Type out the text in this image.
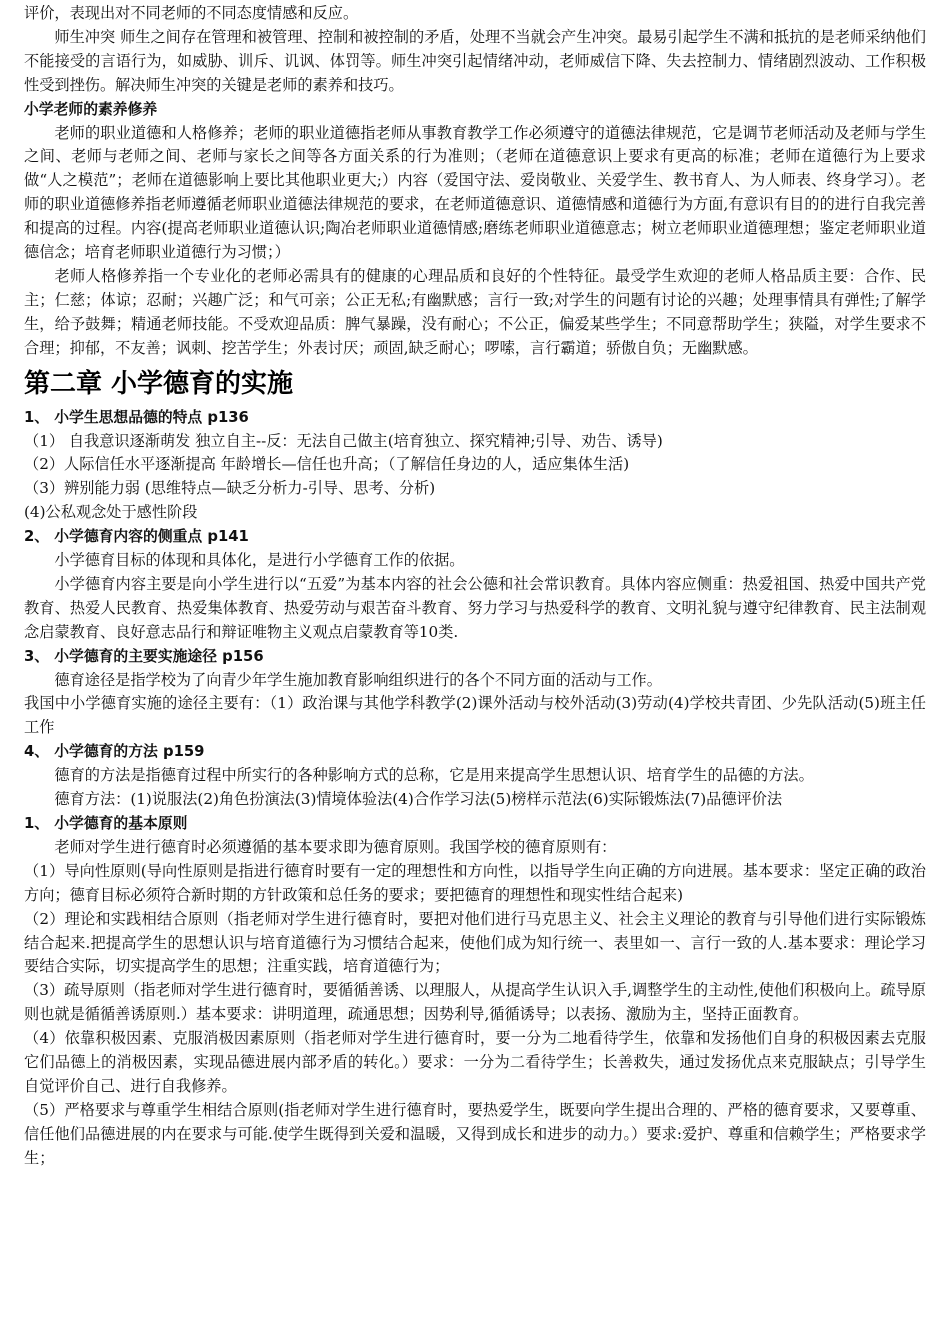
评价，表现出对不同老师的不同态度情感和反应。

师生冲突 师生之间存在管理和被管理、控制和被控制的矛盾，处理不当就会产生冲突。最易引起学生不满和抵抗的是老师采纳他们不能接受的言语行为，如威胁、训斥、讥讽、体罚等。师生冲突引起情绪冲动，老师威信下降、失去控制力、情绪剧烈波动、工作积极性受到挫伤。解决师生冲突的关键是老师的素养和技巧。

小学老师的素养修养

老师的职业道德和人格修养；老师的职业道德指老师从事教育教学工作必须遵守的道德法律规范，它是调节老师活动及老师与学生之间、老师与老师之间、老师与家长之间等各方面关系的行为准则；（老师在道德意识上要求有更高的标准；老师在道德行为上要求做“人之模范”；老师在道德影响上要比其他职业更大;）内容（爱国守法、爱岗敬业、关爱学生、教书育人、为人师表、终身学习）。老师的职业道德修养指老师遵循老师职业道德法律规范的要求，在老师道德意识、道德情感和道德行为方面,有意识有目的的进行自我完善和提高的过程。内容(提高老师职业道德认识;陶冶老师职业道德情感;磨练老师职业道德意志；树立老师职业道德理想；鉴定老师职业道德信念；培育老师职业道德行为习惯；）

老师人格修养指一个专业化的老师必需具有的健康的心理品质和良好的个性特征。最受学生欢迎的老师人格品质主要：合作、民主；仁慈；体谅；忍耐；兴趣广泛；和气可亲；公正无私;有幽默感；言行一致;对学生的问题有讨论的兴趣；处理事情具有弹性;了解学生，给予鼓舞；精通老师技能。不受欢迎品质：脾气暴躁，没有耐心；不公正，偏爱某些学生；不同意帮助学生；狭隘，对学生要求不合理；抑郁，不友善；讽刺、挖苦学生；外表讨厌；顽固,缺乏耐心；啰嗦，言行霸道；骄傲自负；无幽默感。

第二章 小学德育的实施

1、 小学生思想品德的特点 p136

（1） 自我意识逐渐萌发 独立自主--反：无法自己做主(培育独立、探究精神;引导、劝告、诱导)

（2）人际信任水平逐渐提高 年龄增长—信任也升高；（了解信任身边的人，适应集体生活)

（3）辨别能力弱 (思维特点—缺乏分析力-引导、思考、分析)

(4)公私观念处于感性阶段

2、 小学德育内容的侧重点 p141

小学德育目标的体现和具体化，是进行小学德育工作的依据。

小学德育内容主要是向小学生进行以“五爱”为基本内容的社会公德和社会常识教育。具体内容应侧重：热爱祖国、热爱中国共产党教育、热爱人民教育、热爱集体教育、热爱劳动与艰苦奋斗教育、努力学习与热爱科学的教育、文明礼貌与遵守纪律教育、民主法制观念启蒙教育、良好意志品行和辩证唯物主义观点启蒙教育等10类.

3、 小学德育的主要实施途径 p156

德育途径是指学校为了向青少年学生施加教育影响组织进行的各个不同方面的活动与工作。

我国中小学德育实施的途径主要有：（1）政治课与其他学科教学(2)课外活动与校外活动(3)劳动(4)学校共青团、少先队活动(5)班主任工作

4、 小学德育的方法 p159

德育的方法是指德育过程中所实行的各种影响方式的总称，它是用来提高学生思想认识、培育学生的品德的方法。

德育方法：(1)说服法(2)角色扮演法(3)情境体验法(4)合作学习法(5)榜样示范法(6)实际锻炼法(7)品德评价法

1、 小学德育的基本原则

老师对学生进行德育时必须遵循的基本要求即为德育原则。我国学校的德育原则有：

（1）导向性原则(导向性原则是指进行德育时要有一定的理想性和方向性，以指导学生向正确的方向进展。基本要求：坚定正确的政治方向；德育目标必须符合新时期的方针政策和总任务的要求；要把德育的理想性和现实性结合起来)

（2）理论和实践相结合原则（指老师对学生进行德育时，要把对他们进行马克思主义、社会主义理论的教育与引导他们进行实际锻炼结合起来.把提高学生的思想认识与培育道德行为习惯结合起来，使他们成为知行统一、表里如一、言行一致的人.基本要求：理论学习要结合实际，切实提高学生的思想；注重实践，培育道德行为；

（3）疏导原则（指老师对学生进行德育时，要循循善诱、以理服人，从提高学生认识入手,调整学生的主动性,使他们积极向上。疏导原则也就是循循善诱原则.）基本要求：讲明道理，疏通思想；因势利导,循循诱导；以表扬、激励为主，坚持正面教育。

（4）依靠积极因素、克服消极因素原则（指老师对学生进行德育时，要一分为二地看待学生，依靠和发扬他们自身的积极因素去克服它们品德上的消极因素，实现品德进展内部矛盾的转化。）要求：一分为二看待学生；长善救失，通过发扬优点来克服缺点；引导学生自觉评价自己、进行自我修养。

（5）严格要求与尊重学生相结合原则(指老师对学生进行德育时，要热爱学生，既要向学生提出合理的、严格的德育要求，又要尊重、信任他们品德进展的内在要求与可能.使学生既得到关爱和温暖，又得到成长和进步的动力。）要求:爱护、尊重和信赖学生；严格要求学生；
